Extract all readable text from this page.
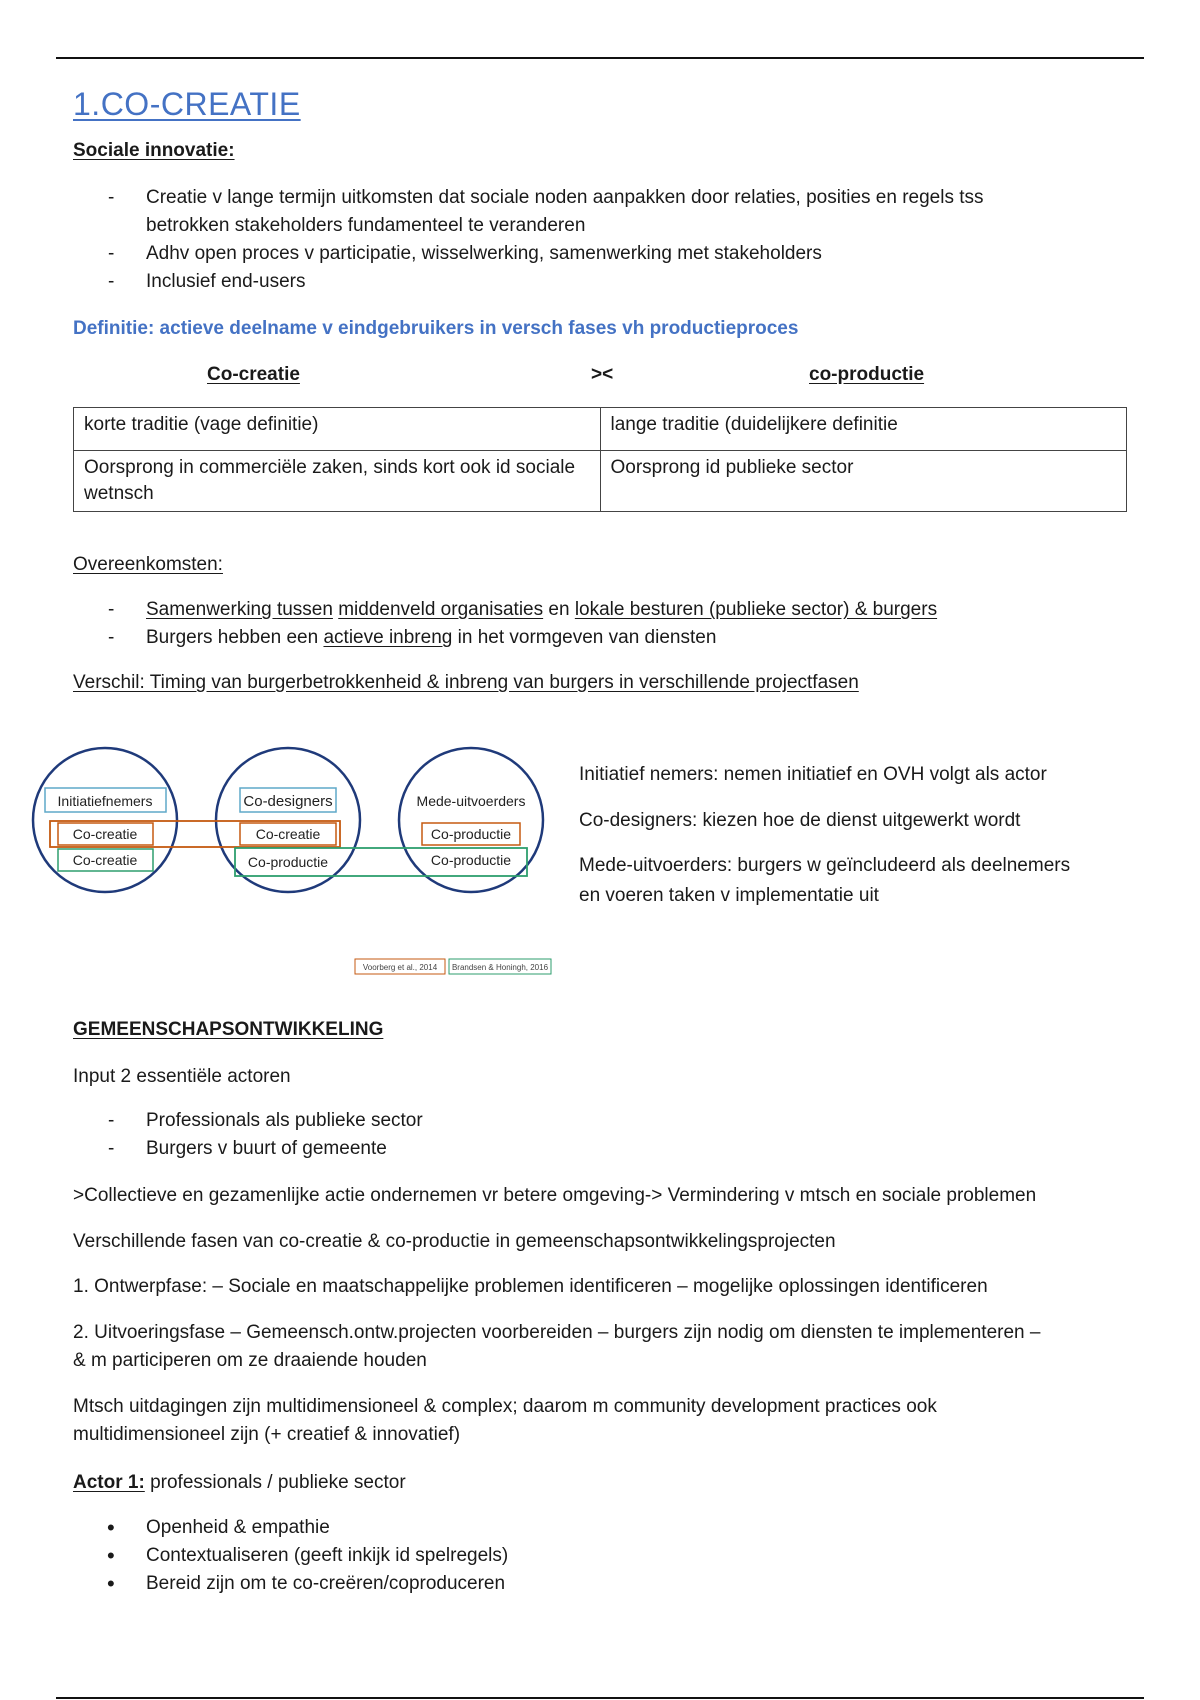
1.CO-CREATIE
Sociale innovatie:
- Creatie v lange termijn uitkomsten dat sociale noden aanpakken door relaties, posities en regels tss
betrokken stakeholders fundamenteel te veranderen
- Adhv open proces v participatie, wisselwerking, samenwerking met stakeholders
- Inclusief end-users
Definitie: actieve deelname v eindgebruikers in versch fases vh productieproces
Co-creatie	><	co-productie
korte traditie (vage definitie)	lange traditie (duidelijkere definitie
Oorsprong in commerciële zaken, sinds kort ook id sociale wetnsch	Oorsprong id publieke sector
Overeenkomsten:
- Samenwerking tussen middenveld organisaties en lokale besturen (publieke sector) & burgers
- Burgers hebben een actieve inbreng in het vormgeven van diensten
Verschil: Timing van burgerbetrokkenheid & inbreng van burgers in verschillende projectfasen
Initiatiefnemers	Co-designers	Mede-uitvoerders
Co-creatie
Co-creatie
Co-creatie
Co-productie
Co-productie
Co-productie
Voorberg et al., 2014 Brandsen & Honingh, 2016
Initiatief nemers: nemen initiatief en OVH volgt als actor
Co-designers: kiezen hoe de dienst uitgewerkt wordt
Mede-uitvoerders: burgers w geïncludeerd als deelnemers
en voeren taken v implementatie uit
GEMEENSCHAPSONTWIKKELING
Input 2 essentiële actoren
- Professionals als publieke sector
- Burgers v buurt of gemeente
>Collectieve en gezamenlijke actie ondernemen vr betere omgeving-> Vermindering v mtsch en sociale problemen
Verschillende fasen van co-creatie & co-productie in gemeenschapsontwikkelingsprojecten
1. Ontwerpfase: – Sociale en maatschappelijke problemen identificeren – mogelijke oplossingen identificeren
2. Uitvoeringsfase – Gemeensch.ontw.projecten voorbereiden – burgers zijn nodig om diensten te implementeren –
& m participeren om ze draaiende houden
Mtsch uitdagingen zijn multidimensioneel & complex; daarom m community development practices ook
multidimensioneel zijn (+ creatief & innovatief)
Actor 1: professionals / publieke sector
• Openheid & empathie
• Contextualiseren (geeft inkijk id spelregels)
• Bereid zijn om te co-creëren/coproduceren
